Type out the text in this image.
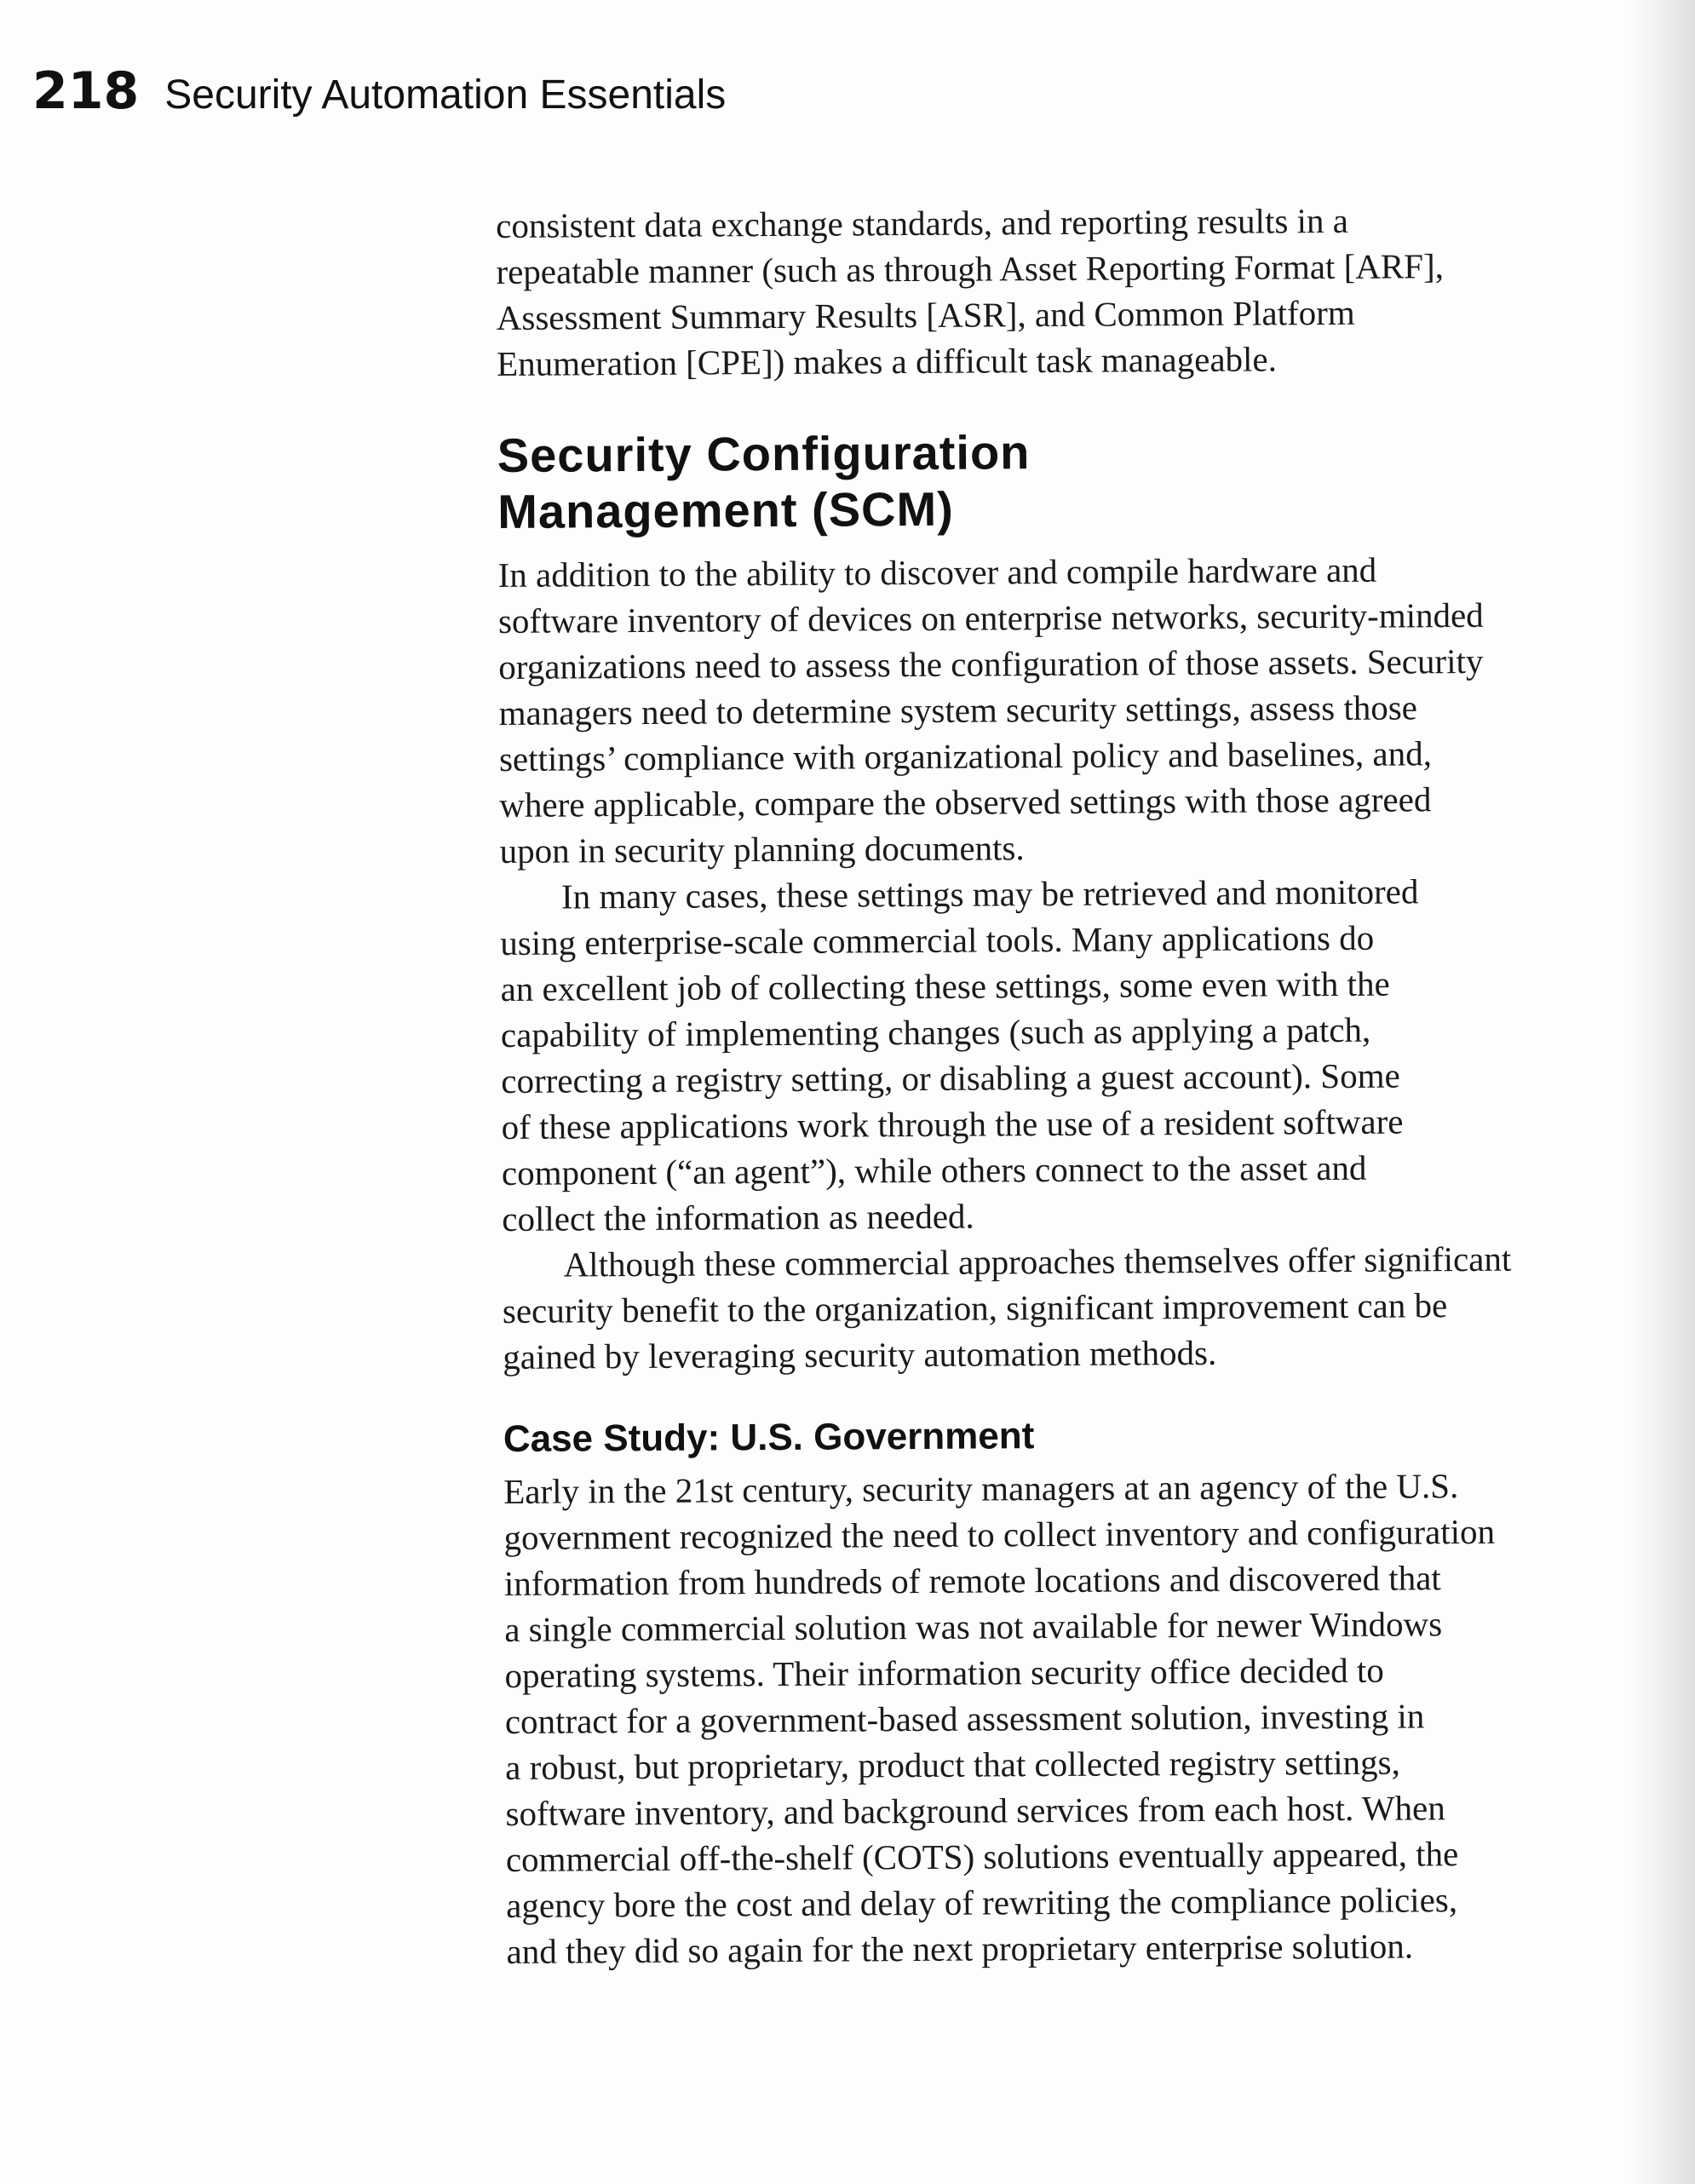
218 Security Automation Essentials

consistent data exchange standards, and reporting results in a
repeatable manner (such as through Asset Reporting Format [ARF],
Assessment Summary Results [ASR], and Common Platform
Enumeration [CPE]) makes a difficult task manageable.

Security Configuration
Management (SCM)

In addition to the ability to discover and compile hardware and
software inventory of devices on enterprise networks, security-minded
organizations need to assess the configuration of those assets. Security
managers need to determine system security settings, assess those
settings’ compliance with organizational policy and baselines, and,
where applicable, compare the observed settings with those agreed
upon in security planning documents.

In many cases, these settings may be retrieved and monitored
using enterprise-scale commercial tools. Many applications do
an excellent job of collecting these settings, some even with the
capability of implementing changes (such as applying a patch,
correcting a registry setting, or disabling a guest account). Some
of these applications work through the use of a resident software
component (“an agent”), while others connect to the asset and
collect the information as needed.

Although these commercial approaches themselves offer significant
security benefit to the organization, significant improvement can be
gained by leveraging security automation methods.

Case Study: U.S. Government

Early in the 21st century, security managers at an agency of the U.S.
government recognized the need to collect inventory and configuration
information from hundreds of remote locations and discovered that
a single commercial solution was not available for newer Windows
operating systems. Their information security office decided to
contract for a government-based assessment solution, investing in
a robust, but proprietary, product that collected registry settings,
software inventory, and background services from each host. When
commercial off-the-shelf (COTS) solutions eventually appeared, the
agency bore the cost and delay of rewriting the compliance policies,
and they did so again for the next proprietary enterprise solution.
